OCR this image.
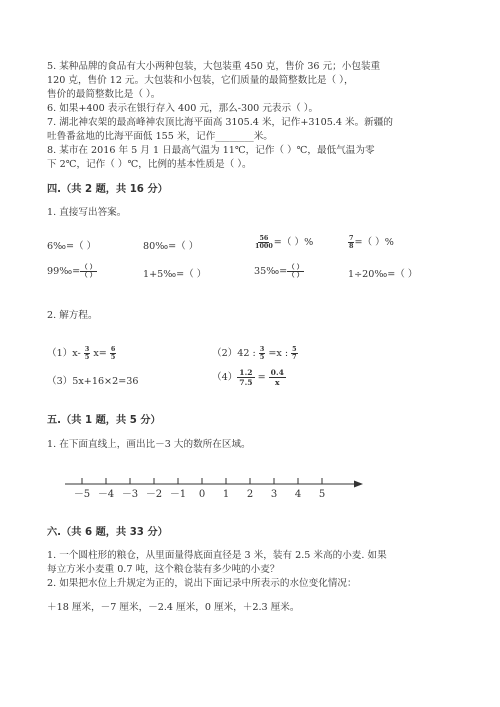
5. 某种品牌的食品有大小两种包装，大包装重 450 克，售价 36 元；小包装重
120 克，售价 12 元。大包装和小包装，它们质量的最简整数比是（ ），
售价的最简整数比是（ ）。
6. 如果+400 表示在银行存入 400 元，那么-300 元表示（ ）。
7. 湖北神农架的最高峰神农顶比海平面高 3105.4 米，记作+3105.4 米。新疆的
吐鲁番盆地的比海平面低 155 米，记作________米。
8. 某市在 2016 年 5 月 1 日最高气温为 11℃，记作（ ）℃，最低气温为零
下 2℃，记作（ ）℃，比例的基本性质是（ ）。
四.（共 2 题，共 16 分）
1. 直接写出答案。
6‰=（ ）	80‰=（ ）	$\frac{56}{1000}$ =（ ）%	$\frac{7}{8}$ =（ ）%
99‰= $\frac{( )}{( )}$	1+5‰=（ ）	35‰= $\frac{( )}{( )}$	1÷20‰=（ ）
2. 解方程。
$(1)x- \frac{3}{5} x= \frac{6}{5}$	（2）42 : $\frac{3}{5} =x$ : $\frac{5}{7}$
（3）5x+16×2=36	$(4) \frac{1.2}{7.5} = \frac{0.4}{x}$
五.（共 1 题，共 5 分）
1. 在下面直线上，画出比－3 大的数所在区域。
－5 －4 －3 －2 －1 0 1 2 3 4 5
六.（共 6 题，共 33 分）
1. 一个圆柱形的粮仓，从里面量得底面直径是 3 米，装有 2.5 米高的小麦. 如果
每立方米小麦重 0.7 吨，这个粮仓装有多少吨的小麦？
2. 如果把水位上升规定为正的，说出下面记录中所表示的水位变化情况：
＋18 厘米，－7 厘米，－2.4 厘米，0 厘米，＋2.3 厘米。
